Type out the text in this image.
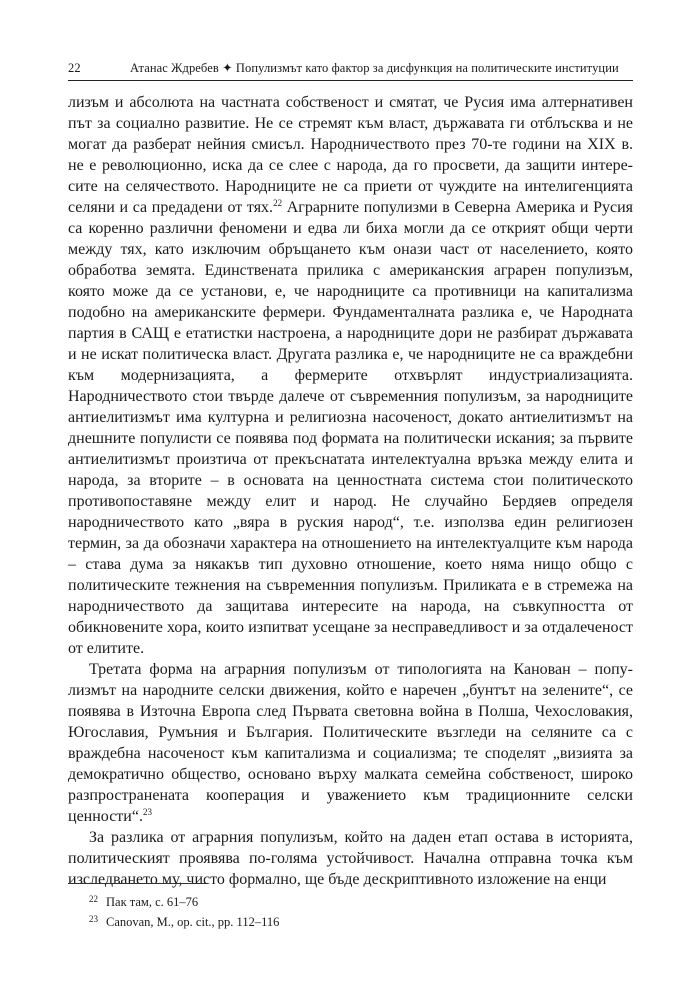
22	Атанас Ждребев ✦ Популизмът като фактор за дисфункция на политическите институции

лизъм и абсолюта на частната собственост и смятат, че Русия има алтернативен път за социално развитие. Не се стремят към власт, държавата ги отблъсква и не могат да разберат нейния смисъл. Народничеството през 70-те години на XIX в. не е революционно, иска да се слее с народа, да го просвети, да защити интересите на селячеството. Народниците не са приети от чуждите на интелигенцията селяни и са предадени от тях.$^{22}$ Аграрните популизми в Северна Америка и Русия са коренно различни феномени и едва ли биха могли да се открият общи черти между тях, като изключим обръщането към онази част от населението, която обработва земята. Единствената прилика с американския аграрен популизъм, която може да се установи, е, че народниците са противници на капитализма подобно на американските фермери. Фундаменталната разлика е, че Народната партия в САЩ е етатистки настроена, а народниците дори не разбират държавата и не искат политическа власт. Другата разлика е, че народниците не са враждебни към модернизацията, а фермерите отхвърлят индустриализацията. Народничеството стои твърде далече от съвременния популизъм, за народниците антиелитизмът има културна и религиозна насоченост, докато антиелитизмът на днешните популисти се появява под формата на политически искания; за първите антиелитизмът произтича от прекъснатата интелектуална връзка между елита и народа, за вторите – в основата на ценностната система стои политическото противопоставяне между елит и народ. Не случайно Бердяев определя народничеството като „вяра в руския народ“, т.е. използва един религиозен термин, за да обозначи характера на отношението на интелектуалците към народа – става дума за някакъв тип духовно отношение, което няма нищо общо с политическите тежнения на съвременния популизъм. Приликата е в стремежа на народничеството да защитава интересите на народа, на съвкупността от обикновените хора, които изпитват усещане за несправедливост и за отдалеченост от елитите.

Третата форма на аграрния популизъм от типологията на Канован – популизмът на народните селски движения, който е наречен „бунтът на зелените“, се появява в Източна Европа след Първата световна война в Полша, Чехословакия, Югославия, Румъния и България. Политическите възгледи на селяните са с враждебна насоченост към капитализма и социализма; те споделят „визията за демократично общество, основано върху малката семейна собственост, широко разпространената кооперация и уважението към традиционните селски ценности“.$^{23}$

За разлика от аграрния популизъм, който на даден етап остава в историята, политическият проявява по-голяма устойчивост. Начална отправна точка към изследването му, чисто формално, ще бъде дескриптивното изложение на енци

22 Пак там, с. 61–76
23 Canovan, M., op. cit., pp. 112–116
